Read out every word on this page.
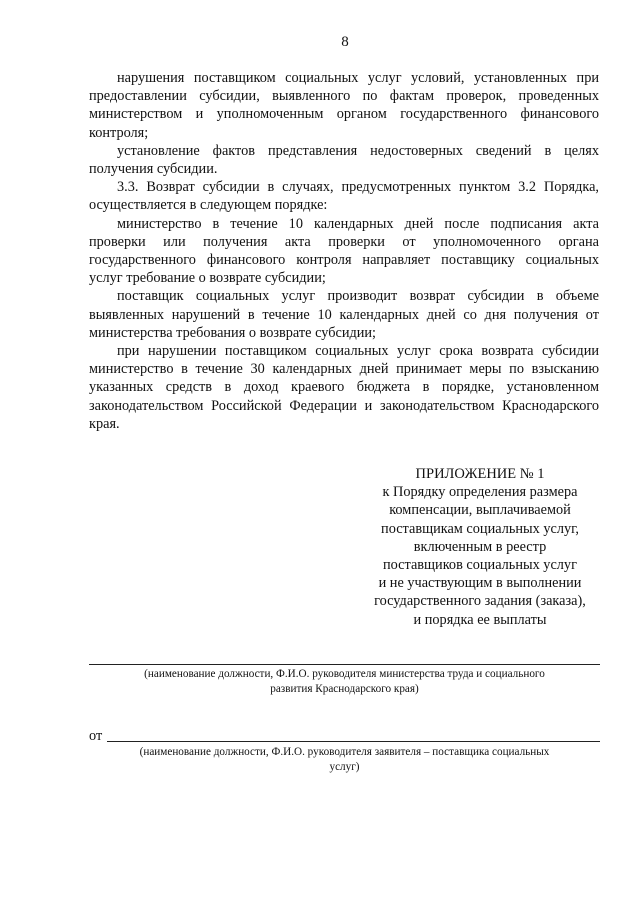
8

нарушения поставщиком социальных услуг условий, установленных при предоставлении субсидии, выявленного по фактам проверок, проведенных министерством и уполномоченным органом государственного финансового контроля;

установление фактов представления недостоверных сведений в целях получения субсидии.

3.3. Возврат субсидии в случаях, предусмотренных пунктом 3.2 Порядка, осуществляется в следующем порядке:

министерство в течение 10 календарных дней после подписания акта проверки или получения акта проверки от уполномоченного органа государственного финансового контроля направляет поставщику социальных услуг требование о возврате субсидии;

поставщик социальных услуг производит возврат субсидии в объеме выявленных нарушений в течение 10 календарных дней со дня получения от министерства требования о возврате субсидии;

при нарушении поставщиком социальных услуг срока возврата субсидии министерство в течение 30 календарных дней принимает меры по взысканию указанных средств в доход краевого бюджета в порядке, установленном законодательством Российской Федерации и законодательством Краснодарского края.

ПРИЛОЖЕНИЕ № 1
к Порядку определения размера
компенсации, выплачиваемой
поставщикам социальных услуг,
включенным в реестр
поставщиков социальных услуг
и не участвующим в выполнении
государственного задания (заказа),
и порядка ее выплаты
(наименование должности, Ф.И.О. руководителя министерства труда и социального
развития Краснодарского края)
от
(наименование должности, Ф.И.О. руководителя заявителя – поставщика социальных
услуг)
